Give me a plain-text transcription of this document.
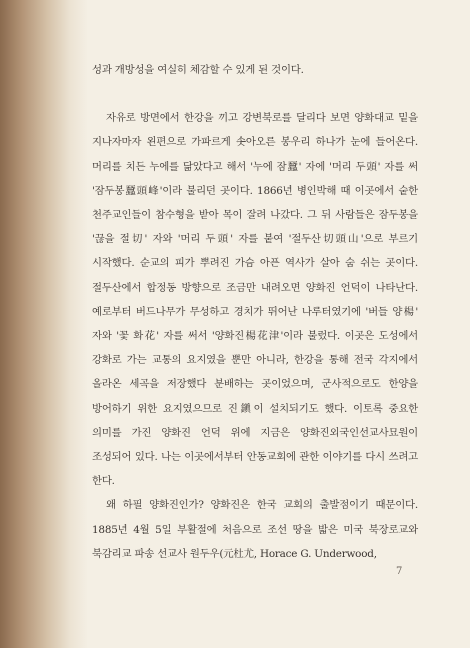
성과 개방성을 여실히 체감할 수 있게 된 것이다.

자유로 방면에서 한강을 끼고 강변북로를 달리다 보면 양화대교 밑을 지나자마자 왼편으로 가파르게 솟아오른 봉우리 하나가 눈에 들어온다. 머리를 치든 누에를 닮았다고 해서 '누에 잠蠶' 자에 '머리 두頭' 자를 써 '잠두봉蠶頭峰'이라 불리던 곳이다. 1866년 병인박해 때 이곳에서 숱한 천주교인들이 참수형을 받아 목이 잘려 나갔다. 그 뒤 사람들은 잠두봉을 '끊을 절切' 자와 '머리 두頭' 자를 붙여 '절두산切頭山'으로 부르기 시작했다. 순교의 피가 뿌려진 가슴 아픈 역사가 살아 숨 쉬는 곳이다. 절두산에서 합정동 방향으로 조금만 내려오면 양화진 언덕이 나타난다. 예로부터 버드나무가 무성하고 경치가 뛰어난 나루터였기에 '버들 양楊' 자와 '꽃 화花' 자를 써서 '양화진楊花津'이라 불렀다. 이곳은 도성에서 강화로 가는 교통의 요지였을 뿐만 아니라, 한강을 통해 전국 각지에서 올라온 세곡을 저장했다 분배하는 곳이었으며, 군사적으로도 한양을 방어하기 위한 요지였으므로 진鎭이 설치되기도 했다. 이토록 중요한 의미를 가진 양화진 언덕 위에 지금은 양화진외국인선교사묘원이 조성되어 있다. 나는 이곳에서부터 안동교회에 관한 이야기를 다시 쓰려고 한다.

왜 하필 양화진인가? 양화진은 한국 교회의 출발점이기 때문이다. 1885년 4월 5일 부활절에 처음으로 조선 땅을 밟은 미국 북장로교와 북감리교 파송 선교사 원두우(元杜尤, Horace G. Underwood,

7
